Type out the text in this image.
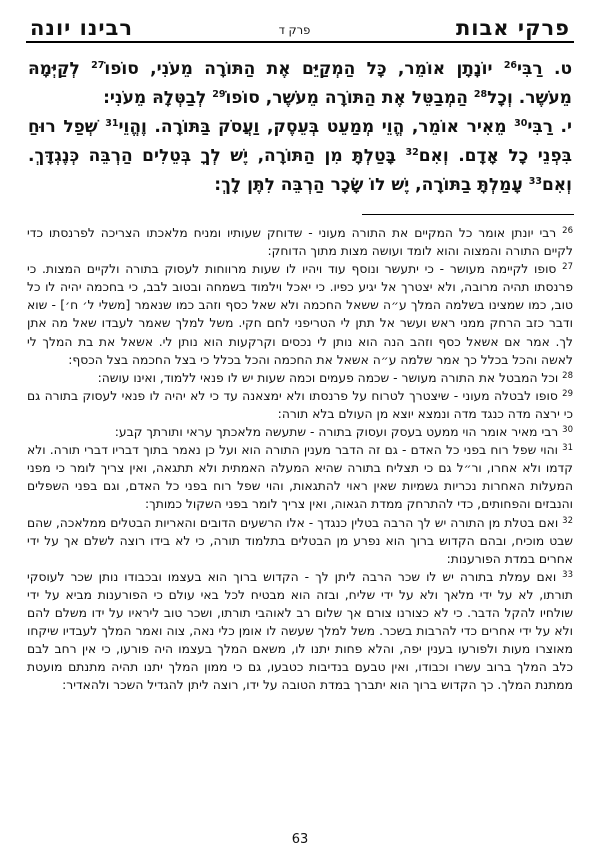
פרקי אבות
פרק ד
רבינו יונה

ט. רַבִּי$^{26}$ יוֹנָתָן אוֹמֵר, כָּל הַמְקַיֵּם אֶת הַתּוֹרָה מֵעֹנִי, סוֹפוֹ$^{27}$ לְקַיְּמָהּ מֵעֹשֶׁר. וְכָל$^{28}$ הַמְבַטֵּל אֶת הַתּוֹרָה מֵעֹשֶׁר, סוֹפוֹ$^{29}$ לְבַטְּלָהּ מֵעֹנִי:

י. רַבִּי$^{30}$ מֵאִיר אוֹמֵר, הֱוֵי מְמַעֵט בְּעֵסֶק, וַעֲסֹק בַּתּוֹרָה. וֶהֱוֵי$^{31}$ שְׁפַל רוּחַ בִּפְנֵי כָל אָדָם. וְאִם$^{32}$ בָּטַלְתָּ מִן הַתּוֹרָה, יֶשׁ לְךָ בְּטֵלִים הַרְבֵּה כְּנֶגְדָּךְ. וְאִם$^{33}$ עָמַלְתָּ בַתּוֹרָה, יֶשׁ לוֹ שָׂכָר הַרְבֵּה לִתֶּן לָךְ:

$^{26}$ רבי יונתן אומר כל המקיים את התורה מעוני - שדוחק שעותיו ומניח מלאכתו הצריכה לפרנסתו כדי לקיים התורה והמצוה והוא לומד ועושה מצות מתוך הדוחק:

$^{27}$ סופו לקיימה מעושר - כי יתעשר ונוסף עוד ויהיו לו שעות מרווחות לעסוק בתורה ולקיים המצות. כי פרנסתו תהיה מרובה, ולא יצטרך אל יגיע כפיו. כי יאכל וילמוד בשמחה ובטוב לבב, כי בחכמה יהיה לו כל טוב, כמו שמצינו בשלמה המלך ע״ה ששאל החכמה ולא שאל כסף וזהב כמו שנאמר [משלי ל׳ ח׳] - שוא ודבר כזב הרחק ממני ראש ועשר אל תתן לי הטריפני לחם חקי. משל למלך שאמר לעבדו שאל מה אתן לך. אמר אם אשאל כסף וזהב הנה הוא נותן לי נכסים וקרקעות הוא נותן לי. אשאל את בת המלך לי לאשה והכל בכלל כך אמר שלמה ע״ה אשאל את החכמה והכל בכלל כי בצל החכמה בצל הכסף:

$^{28}$ וכל המבטל את התורה מעושר - שכמה פעמים וכמה שעות יש לו פנאי ללמוד, ואינו עושה:

$^{29}$ סופו לבטלה מעוני - שיצטרך לטרוח על פרנסתו ולא ימצאנה עד כי לא יהיה לו פנאי לעסוק בתורה גם כי ירצה מדה כנגד מדה ונמצא יוצא מן העולם בלא תורה:

$^{30}$ רבי מאיר אומר הוי ממעט בעסק ועסוק בתורה - שתעשה מלאכתך עראי ותורתך קבע:

$^{31}$ והוי שפל רוח בפני כל האדם - גם זה הדבר מענין התורה הוא ועל כן נאמר בתוך דבריו דברי תורה. ולא קדמו ולא אחרו, ור״ל גם כי תצליח בתורה שהיא המעלה האמתית ולא תתגאה, ואין צריך לומר כי מפני המעלות האחרות נכריות גשמיות שאין ראוי להתגאות, והוי שפל רוח בפני כל האדם, וגם בפני השפלים והנבזים והפחותים, כדי להתרחק ממדת הגאוה, ואין צריך לומר בפני השקול כמותך:

$^{32}$ ואם בטלת מן התורה יש לך הרבה בטלין כנגדך - אלו הרשעים הדובים והאריות הבטלים ממלאכה, שהם שבט מוכיח, ובהם הקדוש ברוך הוא נפרע מן הבטלים בתלמוד תורה, כי לא בידו רוצה לשלם אך על ידי אחרים במדת הפורענות:

$^{33}$ ואם עמלת בתורה יש לו שכר הרבה ליתן לך - הקדוש ברוך הוא בעצמו ובכבודו נותן שכר לעוסקי תורתו, לא על ידי מלאך ולא על ידי שליח, ובזה הוא מבטיח לכל באי עולם כי הפורענות מביא על ידי שולחיו להקל הדבר. כי לא כצורנו צורם אך שלום רב לאוהבי תורתו, ושכר טוב ליראיו על ידו משלם להם ולא על ידי אחרים כדי להרבות בשכר. משל למלך שעשה לו אומן כלי נאה, צוה ואמר המלך לעבדיו שיקחו מאוצרו מעות ולפורעו בענין יפה, והלא פחות יתנו לו, משאם המלך בעצמו היה פורעו, כי אין רחב לבם כלב המלך ברוב עשרו וכבודו, ואין טבעם בנדיבות כטבעו, גם כי ממון המלך יתנו תהיה מתנתם מועטת ממתנת המלך. כך הקדוש ברוך הוא יתברך במדת הטובה על ידו, רוצה ליתן להגדיל השכר ולהאדיר:

63
